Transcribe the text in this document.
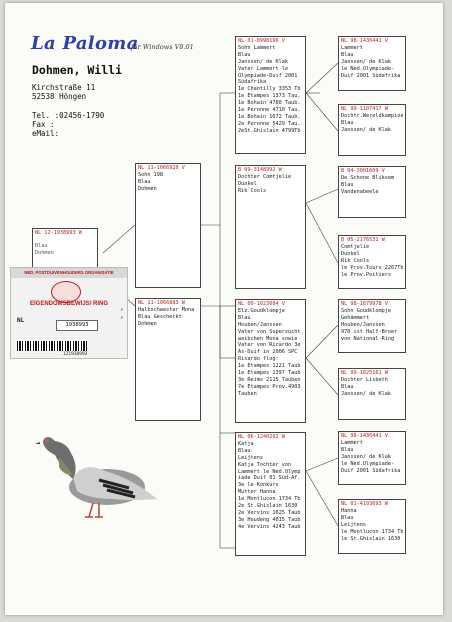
La Paloma
für Windows V8.01
Dohmen, Willi
Kirchstraße 11
52538 Höngen
Tel. :02456-1790
Fax :
eMail:
NL 12-1938993 W
Blau
Dohmen
NED. POSTDUIVENHOUDERS ORGANISATIE
EIGENDOMSBEWIJS/ RING
NL
1938993
P
P
121938993
NL 11-1066920 V
Sohn 198
Blau
Dohmen
NL 11-1066883 W
Halbschwester Mona
Blau Gescheckt
Dohmen
NL 01-0998196 V
Sohn Lammert
Blau
Janssen/ de Klak
Vater Lammert le
Olympiade-Duif 2001
Südafrika
1e Chantilly 3353 Tb
1e Etampes 1373 Tau.
1e Bohain 4780 Taub.
1e Peronne 4710 Tau.
1e Bohain 1672 Taub.
2e Peronne 5429 Tau.
2eSt.Ghislain 4799Tb
B 09-3148992 W
Dochter Comtjelie
Dunkel
Rik Cools
NL 00-1023084 V
Elz.Goudklompje
Blau
Houben/Janssen
Vater von Superzucht
weibchen Mona sowie
Vater von Ricardo 3e
As-Duif in 2006 SPC
Ricardo flog:
1e Etampes 1221 Taub
1e Etampes 1397 Taub
3e Reims 2115 Tauben
7e Etampes Prov.4903
Tauben
NL 06-1240292 W
Katja
Blau
Leijtens
Katja Tochter von
Lammert le Ned.Olymp
iade Duif 01 Süd-Af.
3e le Konkurs
Mutter Hanna
1e Montlucon 1734 Tb
2e St.Ghislain 1630
2e Vervins 1625 Taub
3e Houdeng 4015 Taub
4e Vervins 4243 Taub
NL 98-1436441 V
Lammert
Blau
Janssen/ de Klak
le Ned.Olympiade-
Duif 2001 Südafrika
NL 99-1107417 W
Dochtr.Wereldkampioe
Blau
Janssen/ de Klak
B 04-3001609 V
De Schone Bliksem
Blau
Vandenabeele
B 05-2176531 W
Comtjelie
Dunkel
Rik Cools
le Prov.Tours 2267Tb
le Prov.Poitiers
NL 98-1879978 V
Sohn Goudklompje
Gehämmert
Houben/Janssen
970 ist Half-Broer
von National-Ring
NL 99-1025161 W
Dochter Lisbeth
Blau
Janssen/ de Klak
NL 98-1436441 V
Lammert
Blau
Janssen/ de Klak
le Ned.Olympiade-
Duif 2001 Südafrika
NL 01-4103693 W
Hanna
Blau
Leijtens
le Montlucon 1734 Tb
le St.Ghislain 1630
